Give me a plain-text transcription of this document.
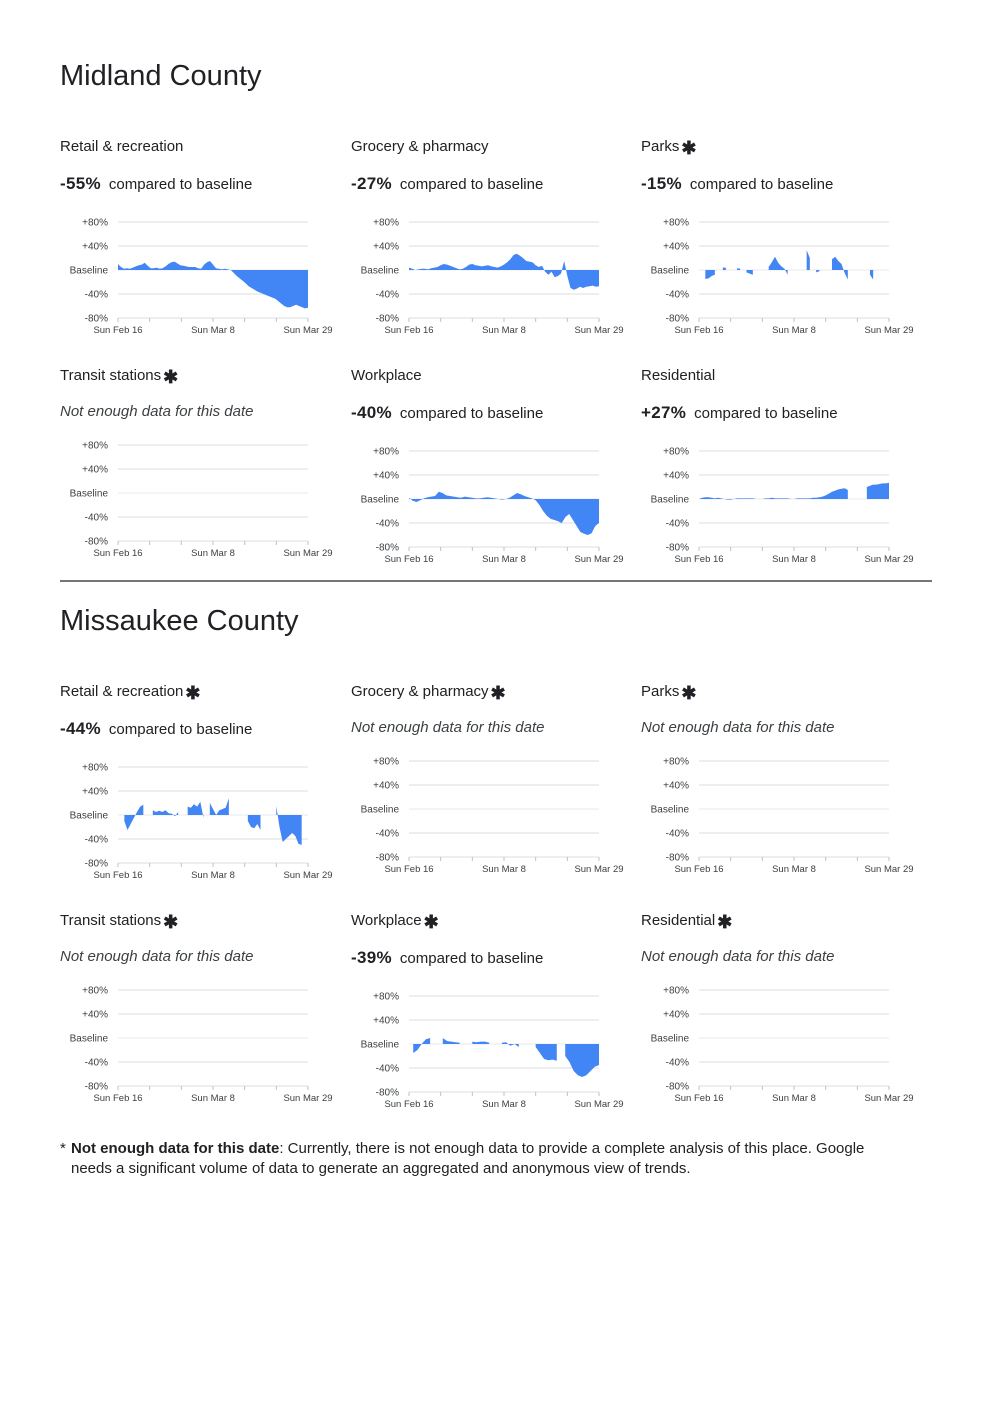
Midland County
Retail & recreation
-55% compared to baseline
+80%
+40%
Baseline
-40%
-80%
Sun Feb 16	Sun Mar 8	Sun Mar 29
Grocery & pharmacy
-27% compared to baseline
+80%
+40%
Baseline
-40%
-80%
Sun Feb 16	Sun Mar 8	Sun Mar 29
Parks ✱
-15% compared to baseline
+80%
+40%
Baseline
-40%
-80%
Sun Feb 16	Sun Mar 8	Sun Mar 29
Transit stations ✱
Not enough data for this date
+80%
+40%
Baseline
-40%
-80%
Sun Feb 16	Sun Mar 8	Sun Mar 29
Workplace
-40% compared to baseline
+80%
+40%
Baseline
-40%
-80%
Sun Feb 16	Sun Mar 8	Sun Mar 29
Residential
+27% compared to baseline
+80%
+40%
Baseline
-40%
-80%
Sun Feb 16	Sun Mar 8	Sun Mar 29
Missaukee County
Retail & recreation ✱
-44% compared to baseline
+80%
+40%
Baseline
-40%
-80%
Sun Feb 16	Sun Mar 8	Sun Mar 29
Grocery & pharmacy ✱
Not enough data for this date
+80%
+40%
Baseline
-40%
-80%
Sun Feb 16	Sun Mar 8	Sun Mar 29
Parks ✱
Not enough data for this date
+80%
+40%
Baseline
-40%
-80%
Sun Feb 16	Sun Mar 8	Sun Mar 29
Transit stations ✱
Not enough data for this date
+80%
+40%
Baseline
-40%
-80%
Sun Feb 16	Sun Mar 8	Sun Mar 29
Workplace ✱
-39% compared to baseline
+80%
+40%
Baseline
-40%
-80%
Sun Feb 16	Sun Mar 8	Sun Mar 29
Residential ✱
Not enough data for this date
+80%
+40%
Baseline
-40%
-80%
Sun Feb 16	Sun Mar 8	Sun Mar 29
* Not enough data for this date: Currently, there is not enough data to provide a complete analysis of this place. Google needs a significant volume of data to generate an aggregated and anonymous view of trends.
